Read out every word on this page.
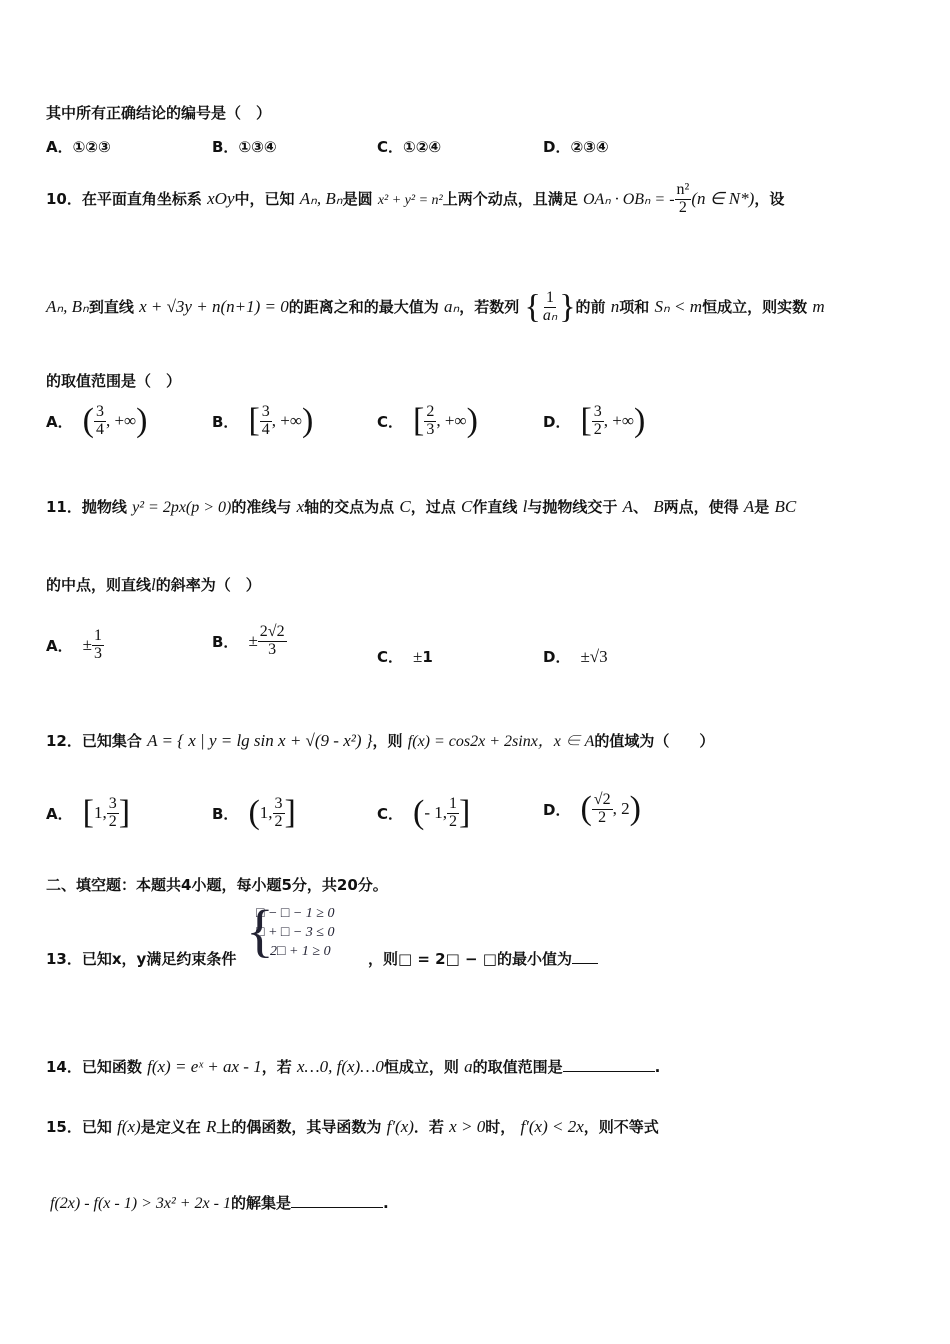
其中所有正确结论的编号是（　）
A．①②③	B．①③④	C．①②④	D．②③④
10．在平面直角坐标系 xOy中，已知 Aₙ, Bₙ是圆 x² + y² = n²上两个动点，且满足 OAₙ · OBₙ = - $\frac{\text{n²}}{2} (n$ ∈ N*)，设
Aₙ, Bₙ到直线 x + √3y + n(n+1) = 0的距离之和的最大值为 aₙ，若数列 { $\frac{1}{\text{aₙ}}$ }的前 n项和 Sₙ < m恒成立，则实数 m
的取值范围是（　）
A． ( $\frac{3}{4}$ , +∞ )	B． [ $\frac{3}{4}$ , +∞ )	C． [ $\frac{2}{3}$ , +∞ )	D． [ $\frac{3}{2}$ , +∞ )
11．抛物线 y² = 2px(p > 0)的准线与 x轴的交点为点 C，过点 C作直线 l与抛物线交于 A、 B两点，使得 A是 BC
的中点，则直线l的斜率为（　）
A． ± $\frac{1}{3}$	B． ± $\frac{2√2}{3}$	C． ± 1	D． ± √3
12．已知集合 A = { x | y = lg sin x + √(9 - x²) }，则 f(x) = cos2x + 2sinx，x ∈ A的值域为（　　）
A． [ 1, $\frac{3}{2}$ ]	B． ( 1, $\frac{3}{2}$ ]	C． ( - 1, $\frac{1}{2}$ ]	D． ( $\frac{√2}{2}$ , 2 )
二、填空题：本题共4小题，每小题5分，共20分。
{
□ − □ − 1 ≥ 0
□ + □ − 3 ≤ 0
2□ + 1 ≥ 0
13．已知x，y满足约束条件	，则□ = 2□ − □的最小值为
14．已知函数 f(x) = eˣ + ax - 1，若 x…0, f(x)…0恒成立，则 a的取值范围是	.
15．已知 f(x)是定义在 R上的偶函数，其导函数为 f′(x)．若 x > 0时， f′(x) < 2x，则不等式
f(2x) - f(x - 1) > 3x² + 2x - 1的解集是	.
